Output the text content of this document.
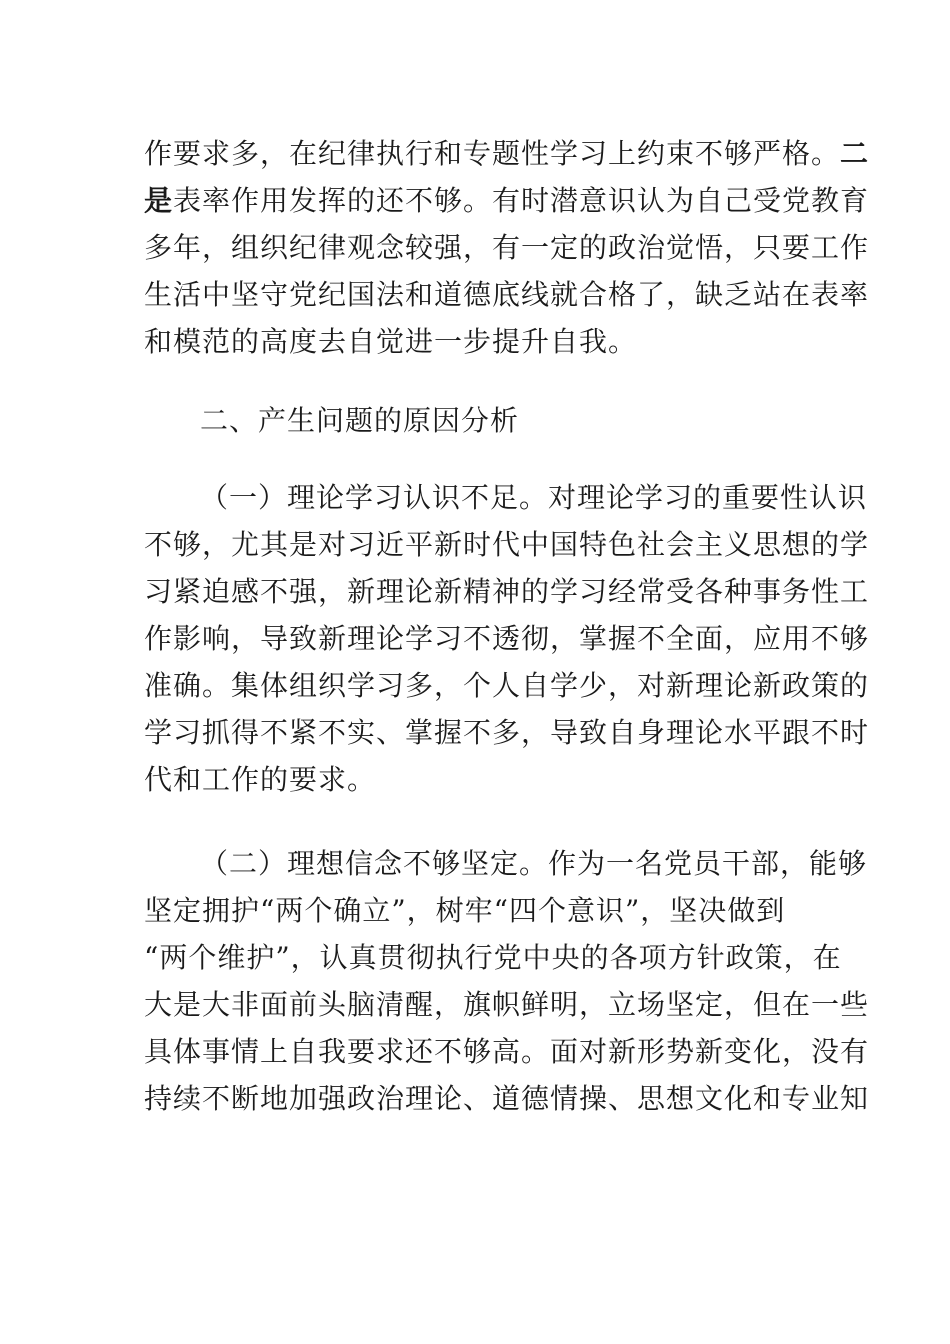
作要求多，在纪律执行和专题性学习上约束不够严格。二
是表率作用发挥的还不够。有时潜意识认为自己受党教育
多年，组织纪律观念较强，有一定的政治觉悟，只要工作
生活中坚守党纪国法和道德底线就合格了，缺乏站在表率
和模范的高度去自觉进一步提升自我。
二、产生问题的原因分析
（一）理论学习认识不足。对理论学习的重要性认识
不够，尤其是对习近平新时代中国特色社会主义思想的学
习紧迫感不强，新理论新精神的学习经常受各种事务性工
作影响，导致新理论学习不透彻，掌握不全面，应用不够
准确。集体组织学习多，个人自学少，对新理论新政策的
学习抓得不紧不实、掌握不多，导致自身理论水平跟不时
代和工作的要求。
（二）理想信念不够坚定。作为一名党员干部，能够
坚定拥护“两个确立”，树牢“四个意识”，坚决做到
“两个维护”，认真贯彻执行党中央的各项方针政策，在
大是大非面前头脑清醒，旗帜鲜明，立场坚定，但在一些
具体事情上自我要求还不够高。面对新形势新变化，没有
持续不断地加强政治理论、道德情操、思想文化和专业知
